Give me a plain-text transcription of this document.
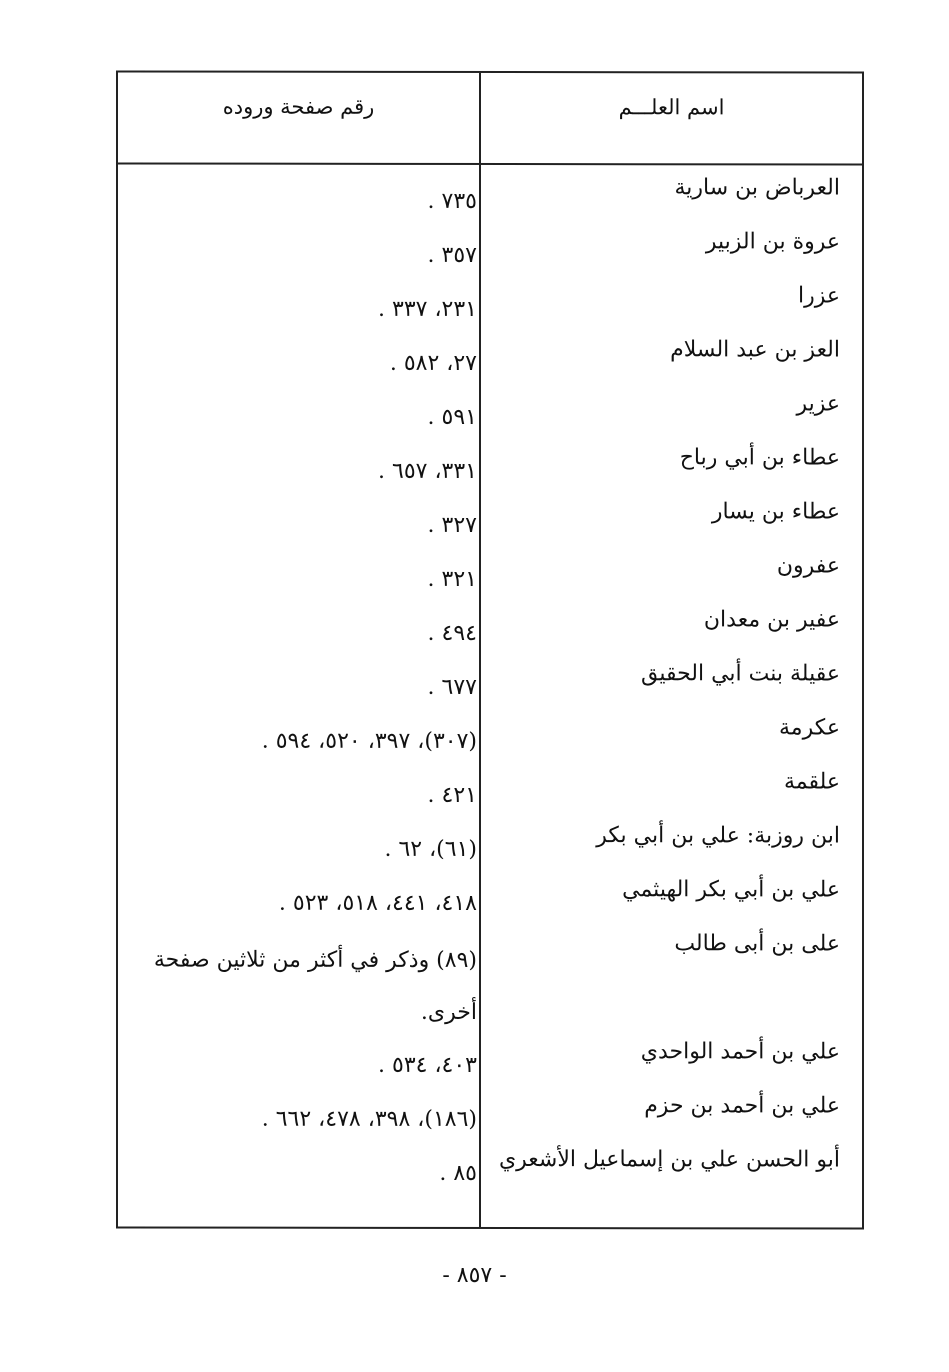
اسم العلـــم
رقم صفحة وروده
العرباض بن سارية
٧٣٥ .
عروة بن الزبير
٣٥٧ .
عزرا
٢٣١، ٣٣٧ .
العز بن عبد السلام
٢٧، ٥٨٢ .
عزير
٥٩١ .
عطاء بن أبي رباح
٣٣١، ٦٥٧ .
عطاء بن يسار
٣٢٧ .
عفرون
٣٢١ .
عفير بن معدان
٤٩٤ .
عقيلة بنت أبي الحقيق
٦٧٧ .
عكرمة
(٣٠٧)، ٣٩٧، ٥٢٠، ٥٩٤ .
علقمة
٤٢١ .
ابن روزبة: علي بن أبي بكر
(٦١)، ٦٢ .
علي بن أبي بكر الهيثمي
٤١٨، ٤٤١، ٥١٨، ٥٢٣ .
على بن أبى طالب
(٨٩) وذكر في أكثر من ثلاثين صفحة أخرى.
علي بن أحمد الواحدي
٤٠٣، ٥٣٤ .
علي بن أحمد بن حزم
(١٨٦)، ٣٩٨، ٤٧٨، ٦٦٢ .
أبو الحسن علي بن إسماعيل الأشعري
٨٥ .
- ٨٥٧ -
